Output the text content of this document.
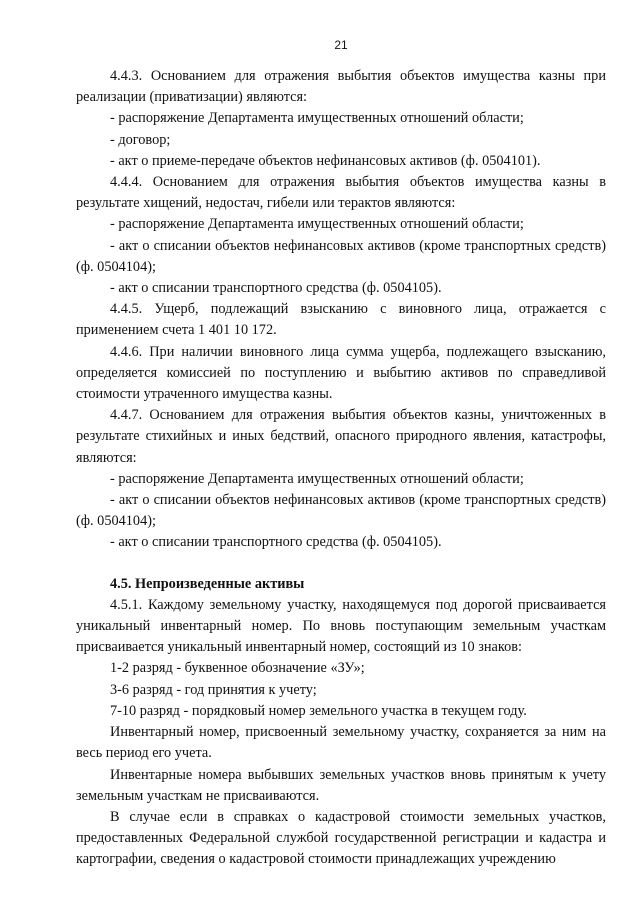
21

4.4.3. Основанием для отражения выбытия объектов имущества казны при реализации (приватизации) являются:

- распоряжение Департамента имущественных отношений области;

- договор;

- акт о приеме-передаче объектов нефинансовых активов (ф. 0504101).

4.4.4. Основанием для отражения выбытия объектов имущества казны в результате хищений, недостач, гибели или терактов являются:

- распоряжение Департамента имущественных отношений области;

- акт о списании объектов нефинансовых активов (кроме транспортных средств) (ф. 0504104);

- акт о списании транспортного средства (ф. 0504105).

4.4.5. Ущерб, подлежащий взысканию с виновного лица, отражается с применением счета 1 401 10 172.

4.4.6. При наличии виновного лица сумма ущерба, подлежащего взысканию, определяется комиссией по поступлению и выбытию активов по справедливой стоимости утраченного имущества казны.

4.4.7. Основанием для отражения выбытия объектов казны, уничтоженных в результате стихийных и иных бедствий, опасного природного явления, катастрофы, являются:

- распоряжение Департамента имущественных отношений области;

- акт о списании объектов нефинансовых активов (кроме транспортных средств) (ф. 0504104);

- акт о списании транспортного средства (ф. 0504105).

4.5. Непроизведенные активы

4.5.1. Каждому земельному участку, находящемуся под дорогой присваивается уникальный инвентарный номер. По вновь поступающим земельным участкам присваивается уникальный инвентарный номер, состоящий из 10 знаков:

1-2 разряд - буквенное обозначение «ЗУ»;

3-6 разряд - год принятия к учету;

7-10 разряд - порядковый номер земельного участка в текущем году.

Инвентарный номер, присвоенный земельному участку, сохраняется за ним на весь период его учета.

Инвентарные номера выбывших земельных участков вновь принятым к учету земельным участкам не присваиваются.

В случае если в справках о кадастровой стоимости земельных участков, предоставленных Федеральной службой государственной регистрации и кадастра и картографии, сведения о кадастровой стоимости принадлежащих учреждению
